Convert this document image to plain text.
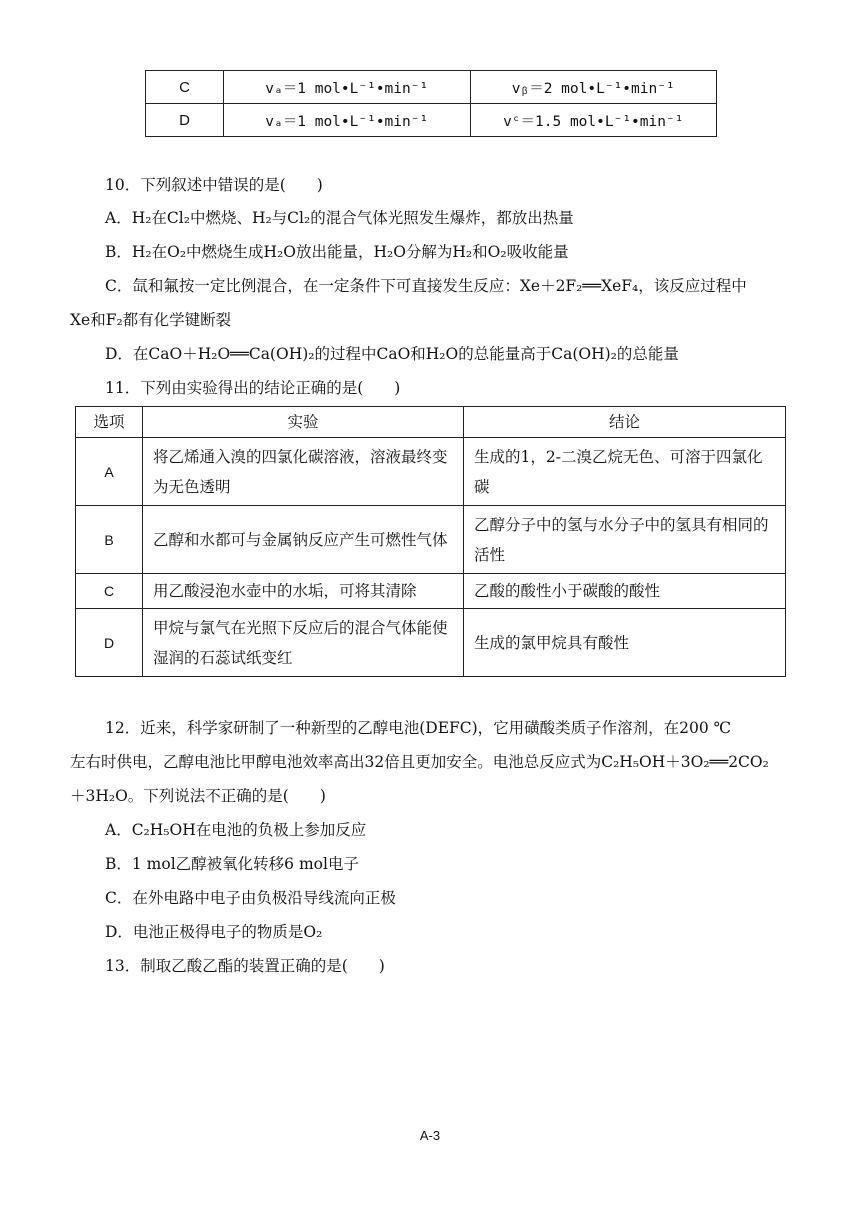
C	vₐ＝1 mol•L⁻¹•min⁻¹	vᵦ＝2 mol•L⁻¹•min⁻¹
D	vₐ＝1 mol•L⁻¹•min⁻¹	vᶜ＝1.5 mol•L⁻¹•min⁻¹
10．下列叙述中错误的是(　　)
A．H₂在Cl₂中燃烧、H₂与Cl₂的混合气体光照发生爆炸，都放出热量
B．H₂在O₂中燃烧生成H₂O放出能量，H₂O分解为H₂和O₂吸收能量
C．氙和氟按一定比例混合，在一定条件下可直接发生反应：Xe＋2F₂══XeF₄，该反应过程中
Xe和F₂都有化学键断裂
D．在CaO＋H₂O══Ca(OH)₂的过程中CaO和H₂O的总能量高于Ca(OH)₂的总能量
11．下列由实验得出的结论正确的是(　　)
选项	实验	结论
A	将乙烯通入溴的四氯化碳溶液，溶液最终变为无色透明	生成的1，2-二溴乙烷无色、可溶于四氯化碳
B	乙醇和水都可与金属钠反应产生可燃性气体	乙醇分子中的氢与水分子中的氢具有相同的活性
C	用乙酸浸泡水壶中的水垢，可将其清除	乙酸的酸性小于碳酸的酸性
D	甲烷与氯气在光照下反应后的混合气体能使湿润的石蕊试纸变红	生成的氯甲烷具有酸性
12．近来，科学家研制了一种新型的乙醇电池(DEFC)，它用磺酸类质子作溶剂，在200 ℃
左右时供电，乙醇电池比甲醇电池效率高出32倍且更加安全。电池总反应式为C₂H₅OH＋3O₂══2CO₂
＋3H₂O。下列说法不正确的是(　　)
A．C₂H₅OH在电池的负极上参加反应
B．1 mol乙醇被氧化转移6 mol电子
C．在外电路中电子由负极沿导线流向正极
D．电池正极得电子的物质是O₂
13．制取乙酸乙酯的装置正确的是(　　)
A-3
